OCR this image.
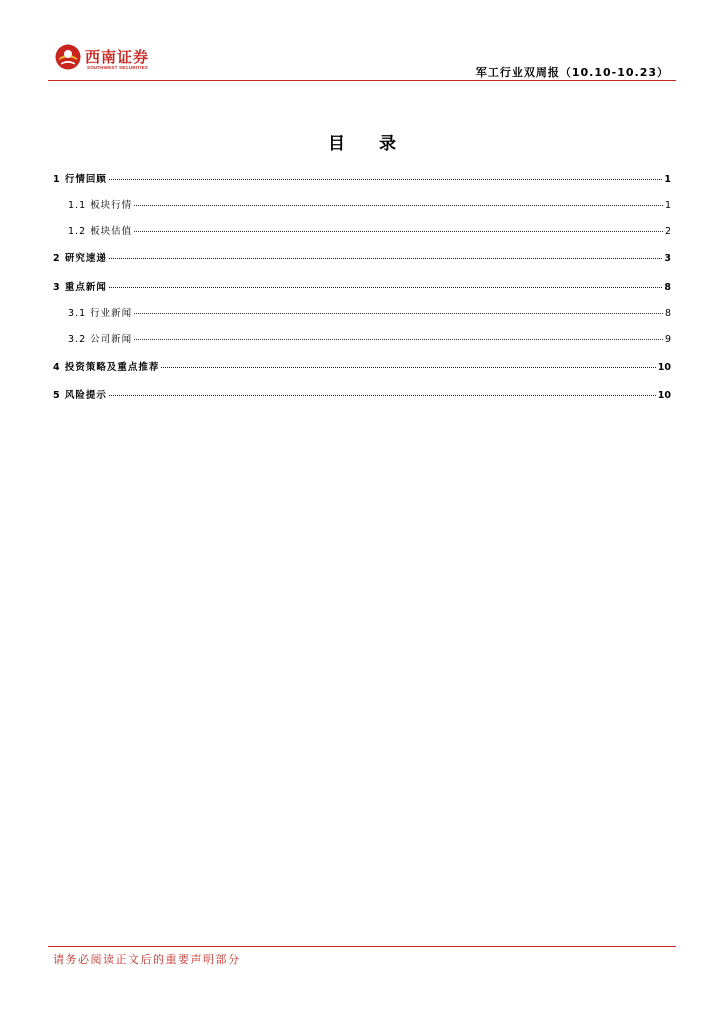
西南证券
SOUTHWEST SECURITIES	军工行业双周报（10.10-10.23）
目 录
1 行情回顾	1
1.1 板块行情	1
1.2 板块估值	2
2 研究速递	3
3 重点新闻	8
3.1 行业新闻	8
3.2 公司新闻	9
4 投资策略及重点推荐	10
5 风险提示	10
请务必阅读正文后的重要声明部分
